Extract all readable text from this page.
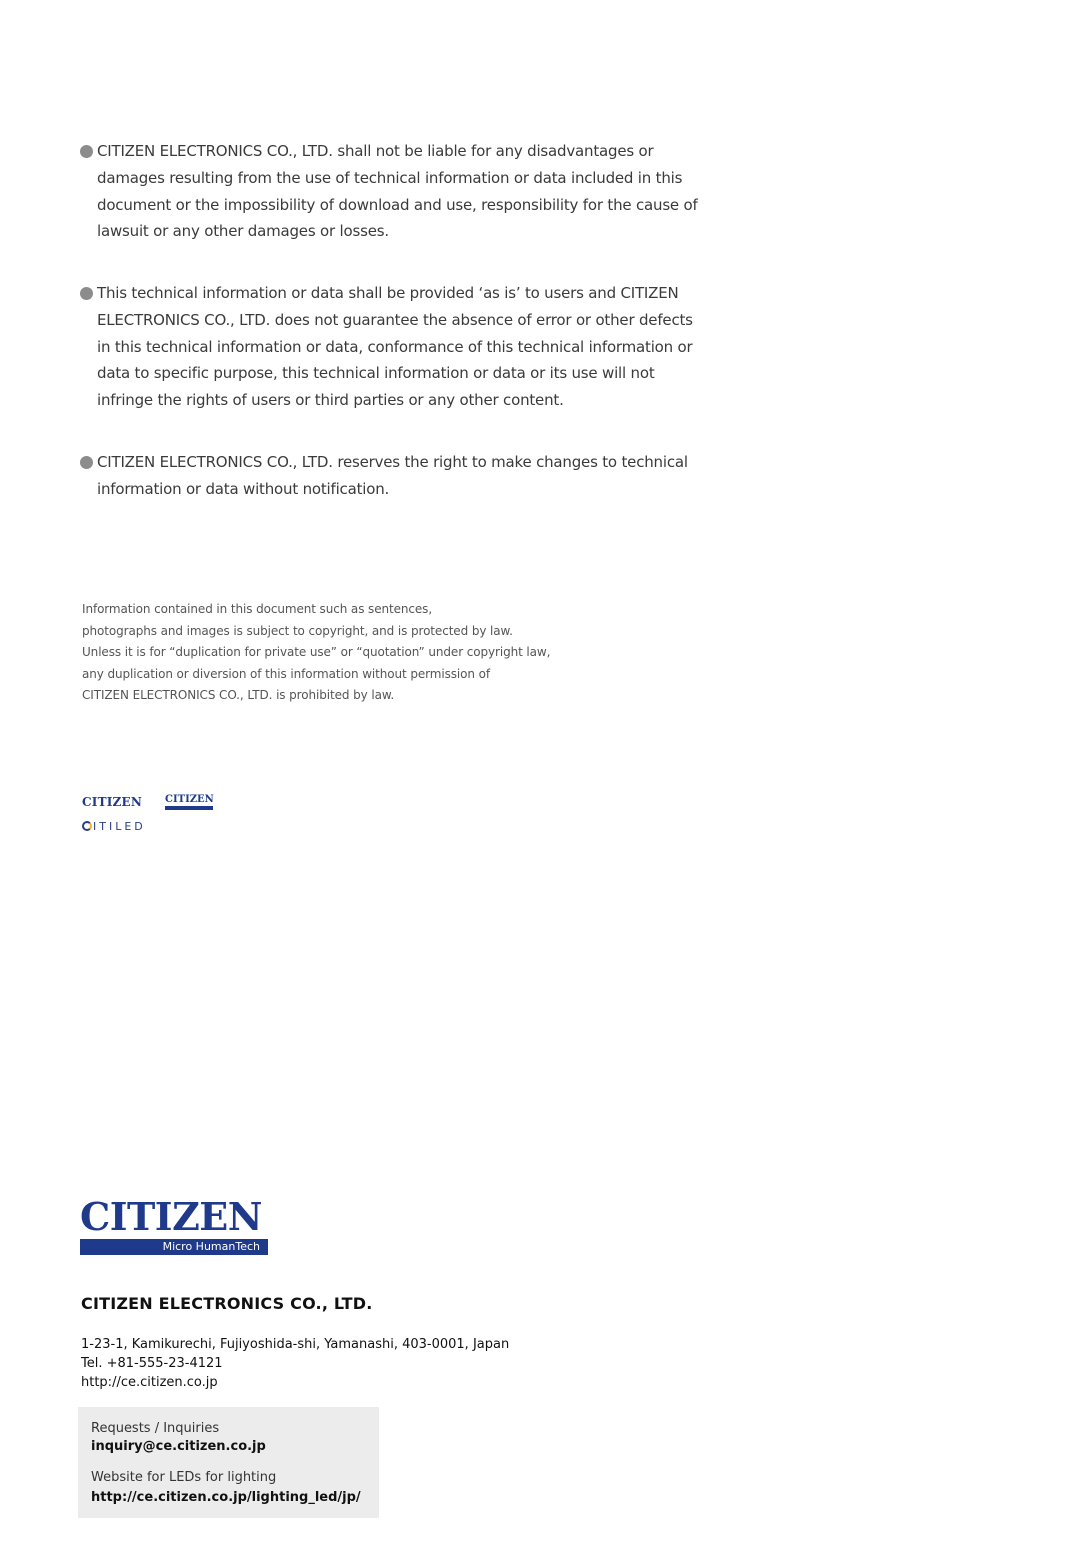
CITIZEN ELECTRONICS CO., LTD. shall not be liable for any disadvantages or
damages resulting from the use of technical information or data included in this
document or the impossibility of download and use, responsibility for the cause of
lawsuit or any other damages or losses.
This technical information or data shall be provided ‘as is’ to users and CITIZEN
ELECTRONICS CO., LTD. does not guarantee the absence of error or other defects
in this technical information or data, conformance of this technical information or
data to specific purpose, this technical information or data or its use will not
infringe the rights of users or third parties or any other content.
CITIZEN ELECTRONICS CO., LTD. reserves the right to make changes to technical
information or data without notification.
Information contained in this document such as sentences,
photographs and images is subject to copyright, and is protected by law.
Unless it is for “duplication for private use” or “quotation” under copyright law,
any duplication or diversion of this information without permission of
CITIZEN ELECTRONICS CO., LTD. is prohibited by law.
CITIZEN CITIZEN
ITILED
CITIZEN
Micro HumanTech
CITIZEN ELECTRONICS CO., LTD.
1-23-1, Kamikurechi, Fujiyoshida-shi, Yamanashi, 403-0001, Japan
Tel. +81-555-23-4121
http://ce.citizen.co.jp
Requests / Inquiries
inquiry@ce.citizen.co.jp
Website for LEDs for lighting
http://ce.citizen.co.jp/lighting_led/jp/
